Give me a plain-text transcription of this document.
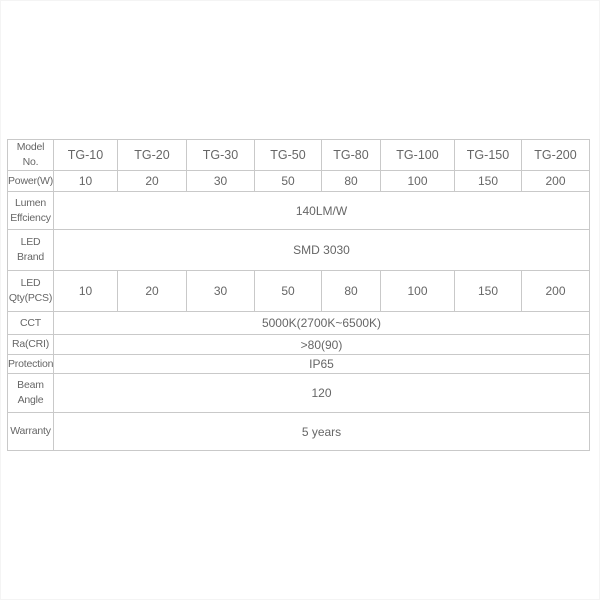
Model No.	TG-10	TG-20	TG-30	TG-50	TG-80	TG-100	TG-150	TG-200
Power(W)	10	20	30	50	80	100	150	200
Lumen Effciency	140LM/W							
LED Brand	SMD 3030							
LED Qty(PCS)	10	20	30	50	80	100	150	200
CCT	5000K(2700K~6500K)							
Ra(CRI)	>80(90)							
Protection	IP65							
Beam Angle	120							
Warranty	5 years							
